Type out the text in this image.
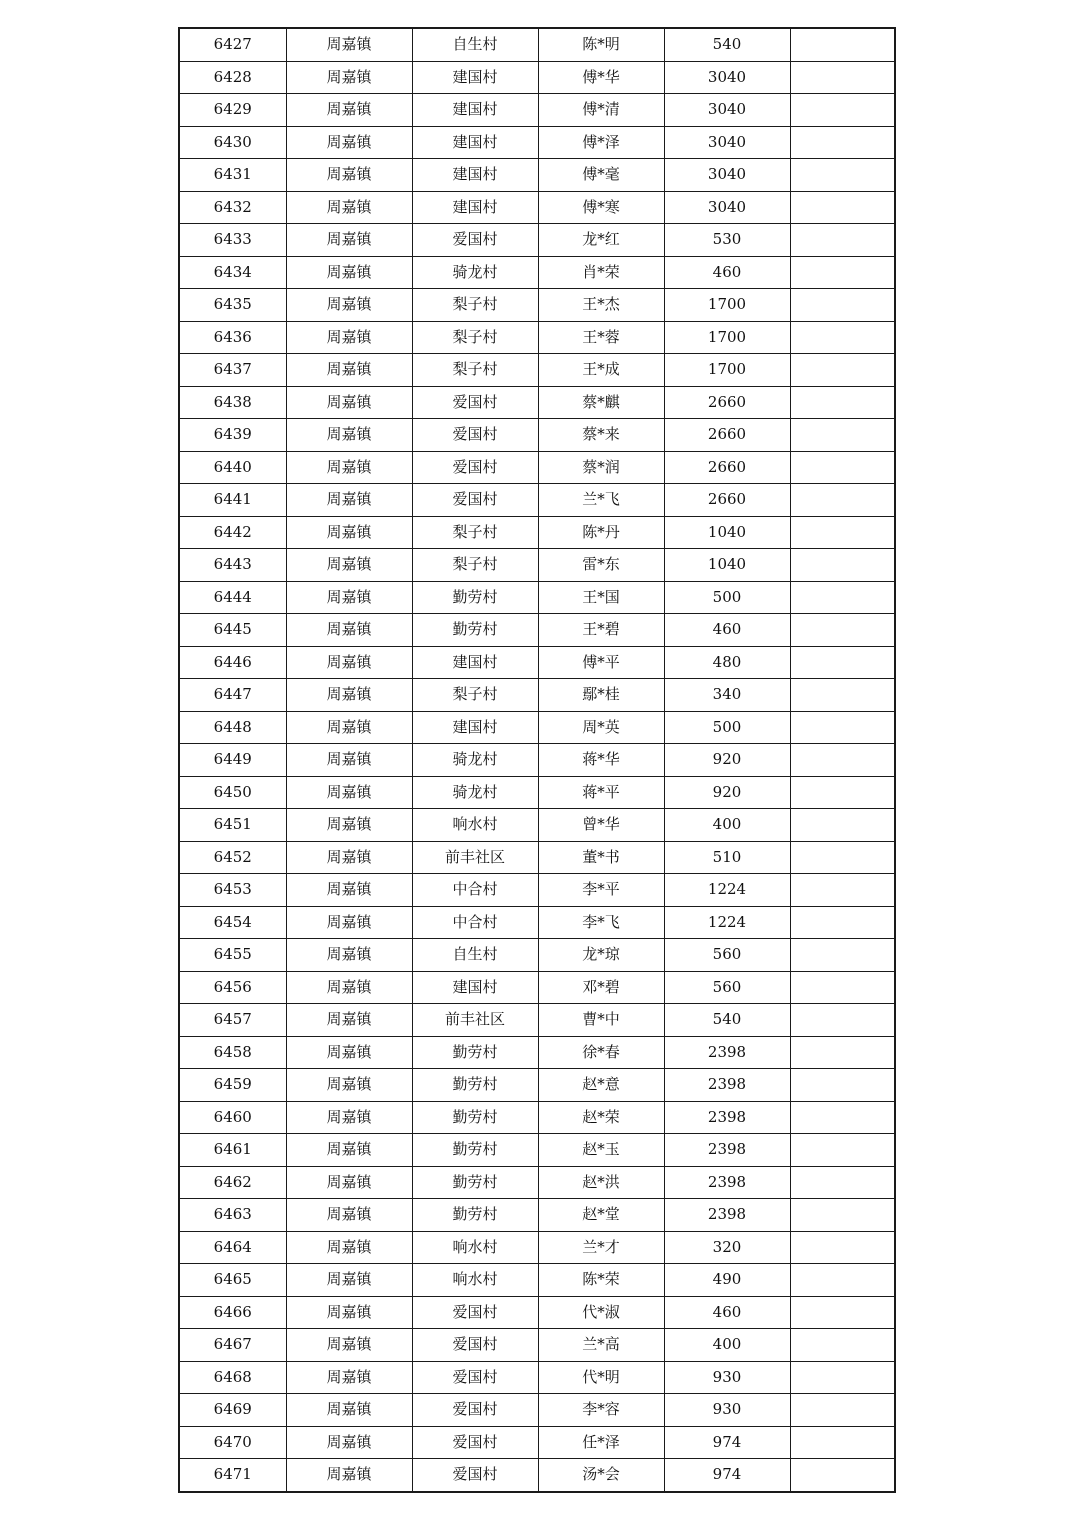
6427	周嘉镇	自生村	陈*明	540	
6428	周嘉镇	建国村	傅*华	3040	
6429	周嘉镇	建国村	傅*清	3040	
6430	周嘉镇	建国村	傅*泽	3040	
6431	周嘉镇	建国村	傅*毫	3040	
6432	周嘉镇	建国村	傅*寒	3040	
6433	周嘉镇	爱国村	龙*红	530	
6434	周嘉镇	骑龙村	肖*荣	460	
6435	周嘉镇	梨子村	王*杰	1700	
6436	周嘉镇	梨子村	王*蓉	1700	
6437	周嘉镇	梨子村	王*成	1700	
6438	周嘉镇	爱国村	蔡*麒	2660	
6439	周嘉镇	爱国村	蔡*来	2660	
6440	周嘉镇	爱国村	蔡*润	2660	
6441	周嘉镇	爱国村	兰*飞	2660	
6442	周嘉镇	梨子村	陈*丹	1040	
6443	周嘉镇	梨子村	雷*东	1040	
6444	周嘉镇	勤劳村	王*国	500	
6445	周嘉镇	勤劳村	王*碧	460	
6446	周嘉镇	建国村	傅*平	480	
6447	周嘉镇	梨子村	鄢*桂	340	
6448	周嘉镇	建国村	周*英	500	
6449	周嘉镇	骑龙村	蒋*华	920	
6450	周嘉镇	骑龙村	蒋*平	920	
6451	周嘉镇	响水村	曾*华	400	
6452	周嘉镇	前丰社区	董*书	510	
6453	周嘉镇	中合村	李*平	1224	
6454	周嘉镇	中合村	李*飞	1224	
6455	周嘉镇	自生村	龙*琼	560	
6456	周嘉镇	建国村	邓*碧	560	
6457	周嘉镇	前丰社区	曹*中	540	
6458	周嘉镇	勤劳村	徐*春	2398	
6459	周嘉镇	勤劳村	赵*意	2398	
6460	周嘉镇	勤劳村	赵*荣	2398	
6461	周嘉镇	勤劳村	赵*玉	2398	
6462	周嘉镇	勤劳村	赵*洪	2398	
6463	周嘉镇	勤劳村	赵*堂	2398	
6464	周嘉镇	响水村	兰*才	320	
6465	周嘉镇	响水村	陈*荣	490	
6466	周嘉镇	爱国村	代*淑	460	
6467	周嘉镇	爱国村	兰*高	400	
6468	周嘉镇	爱国村	代*明	930	
6469	周嘉镇	爱国村	李*容	930	
6470	周嘉镇	爱国村	任*泽	974	
6471	周嘉镇	爱国村	汤*会	974	
